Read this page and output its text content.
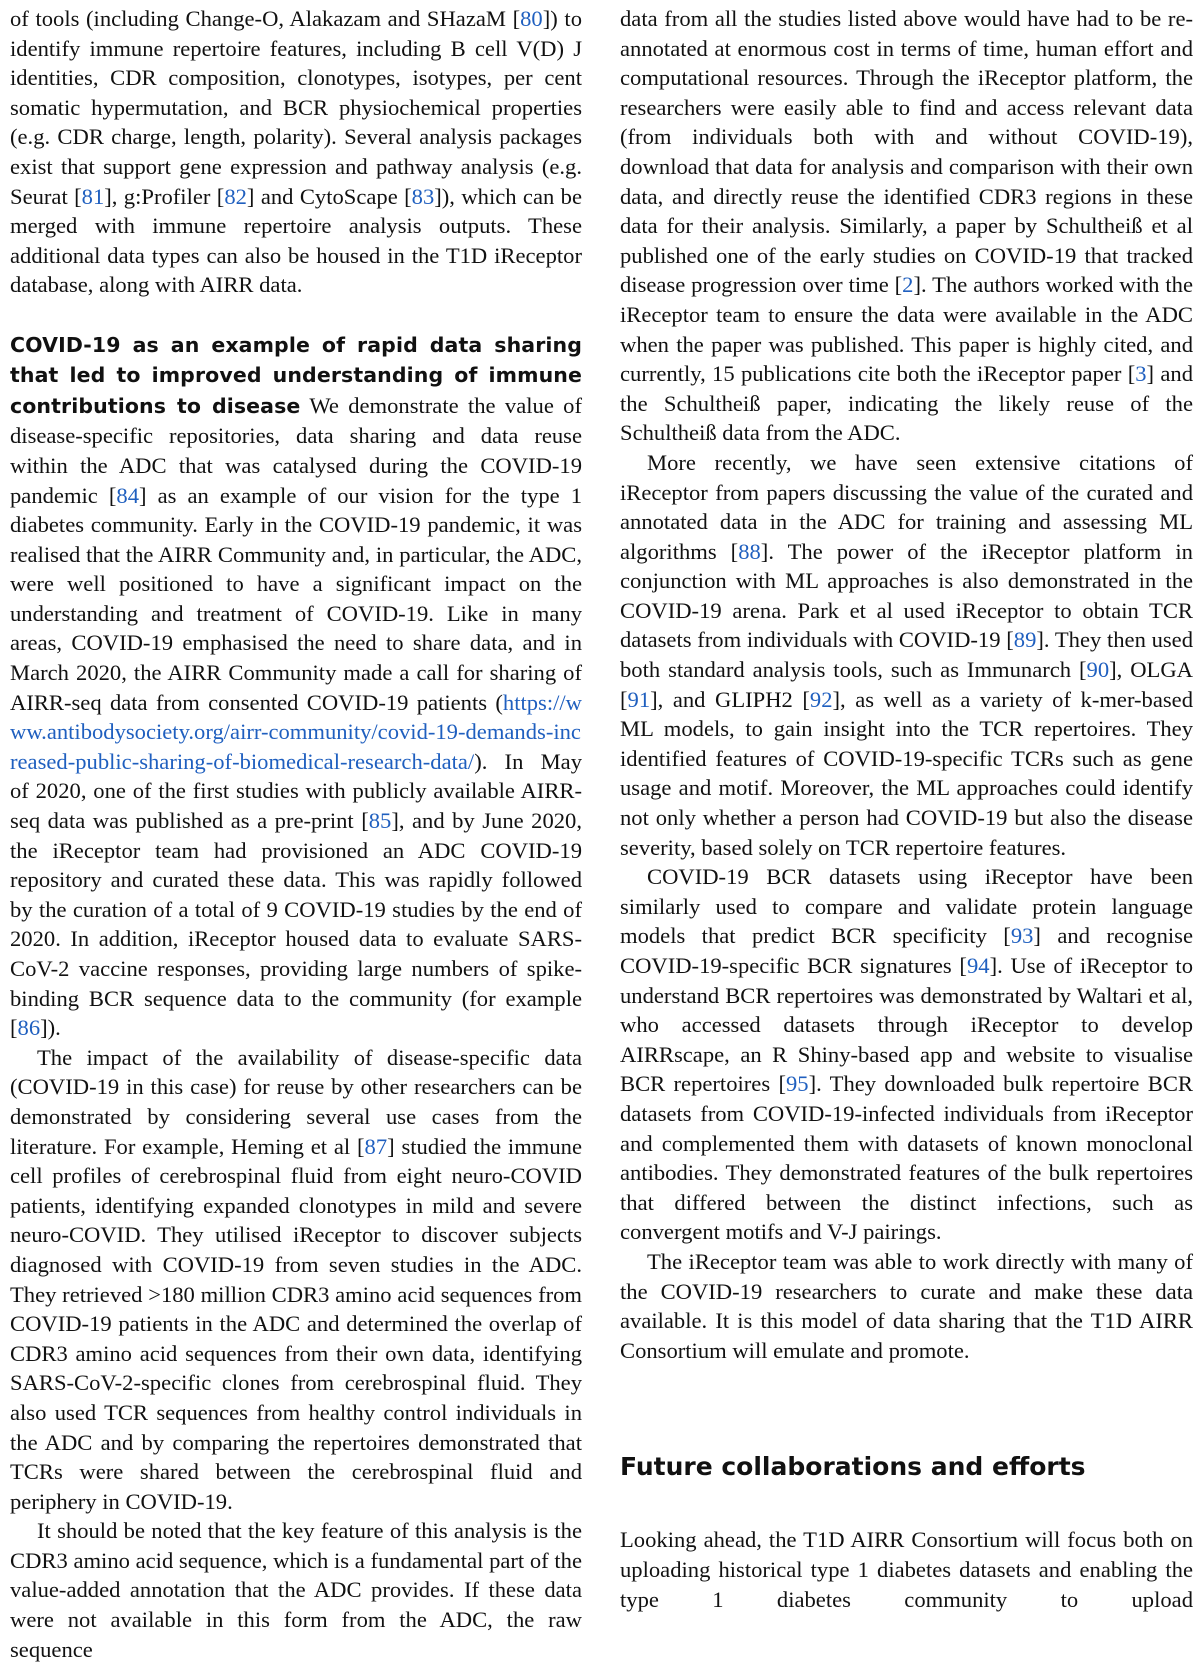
of tools (including Change-O, Alakazam and SHazaM [80]) to identify immune repertoire features, including B cell V(D) J identities, CDR composition, clonotypes, isotypes, per cent somatic hypermutation, and BCR physiochemical properties (e.g. CDR charge, length, polarity). Several analysis packages exist that support gene expression and pathway analysis (e.g. Seurat [81], g:Profiler [82] and CytoScape [83]), which can be merged with immune repertoire analysis outputs. These additional data types can also be housed in the T1D iReceptor database, along with AIRR data.

COVID-19 as an example of rapid data sharing that led to improved understanding of immune contributions to disease We demonstrate the value of disease-specific repositories, data sharing and data reuse within the ADC that was catalysed during the COVID-19 pandemic [84] as an example of our vision for the type 1 diabetes community. Early in the COVID-19 pandemic, it was realised that the AIRR Community and, in particular, the ADC, were well positioned to have a significant impact on the understanding and treatment of COVID-19. Like in many areas, COVID-19 emphasised the need to share data, and in March 2020, the AIRR Community made a call for sharing of AIRR-seq data from consented COVID-19 patients (https://www.antibodysociety.org/airr-community/covid-19-demands-increased-public-sharing-of-biomedical-research-data/). In May of 2020, one of the first studies with publicly available AIRR-seq data was published as a pre-print [85], and by June 2020, the iReceptor team had provisioned an ADC COVID-19 repository and curated these data. This was rapidly followed by the curation of a total of 9 COVID-19 studies by the end of 2020. In addition, iReceptor housed data to evaluate SARS-CoV-2 vaccine responses, providing large numbers of spike-binding BCR sequence data to the community (for example [86]).

The impact of the availability of disease-specific data (COVID-19 in this case) for reuse by other researchers can be demonstrated by considering several use cases from the literature. For example, Heming et al [87] studied the immune cell profiles of cerebrospinal fluid from eight neuro-COVID patients, identifying expanded clonotypes in mild and severe neuro-COVID. They utilised iReceptor to discover subjects diagnosed with COVID-19 from seven studies in the ADC. They retrieved >180 million CDR3 amino acid sequences from COVID-19 patients in the ADC and determined the overlap of CDR3 amino acid sequences from their own data, identifying SARS-CoV-2-specific clones from cerebrospinal fluid. They also used TCR sequences from healthy control individuals in the ADC and by comparing the repertoires demonstrated that TCRs were shared between the cerebrospinal fluid and periphery in COVID-19.

It should be noted that the key feature of this analysis is the CDR3 amino acid sequence, which is a fundamental part of the value-added annotation that the ADC provides. If these data were not available in this form from the ADC, the raw sequence

data from all the studies listed above would have had to be re-annotated at enormous cost in terms of time, human effort and computational resources. Through the iReceptor platform, the researchers were easily able to find and access relevant data (from individuals both with and without COVID-19), download that data for analysis and comparison with their own data, and directly reuse the identified CDR3 regions in these data for their analysis. Similarly, a paper by Schultheiß et al published one of the early studies on COVID-19 that tracked disease progression over time [2]. The authors worked with the iReceptor team to ensure the data were available in the ADC when the paper was published. This paper is highly cited, and currently, 15 publications cite both the iReceptor paper [3] and the Schultheiß paper, indicating the likely reuse of the Schultheiß data from the ADC.

More recently, we have seen extensive citations of iReceptor from papers discussing the value of the curated and annotated data in the ADC for training and assessing ML algorithms [88]. The power of the iReceptor platform in conjunction with ML approaches is also demonstrated in the COVID-19 arena. Park et al used iReceptor to obtain TCR datasets from individuals with COVID-19 [89]. They then used both standard analysis tools, such as Immunarch [90], OLGA [91], and GLIPH2 [92], as well as a variety of k-mer-based ML models, to gain insight into the TCR repertoires. They identified features of COVID-19-specific TCRs such as gene usage and motif. Moreover, the ML approaches could identify not only whether a person had COVID-19 but also the disease severity, based solely on TCR repertoire features.

COVID-19 BCR datasets using iReceptor have been similarly used to compare and validate protein language models that predict BCR specificity [93] and recognise COVID-19-specific BCR signatures [94]. Use of iReceptor to understand BCR repertoires was demonstrated by Waltari et al, who accessed datasets through iReceptor to develop AIRRscape, an R Shiny-based app and website to visualise BCR repertoires [95]. They downloaded bulk repertoire BCR datasets from COVID-19-infected individuals from iReceptor and complemented them with datasets of known monoclonal antibodies. They demonstrated features of the bulk repertoires that differed between the distinct infections, such as convergent motifs and V-J pairings.

The iReceptor team was able to work directly with many of the COVID-19 researchers to curate and make these data available. It is this model of data sharing that the T1D AIRR Consortium will emulate and promote.

Future collaborations and efforts

Looking ahead, the T1D AIRR Consortium will focus both on uploading historical type 1 diabetes datasets and enabling the type 1 diabetes community to upload
